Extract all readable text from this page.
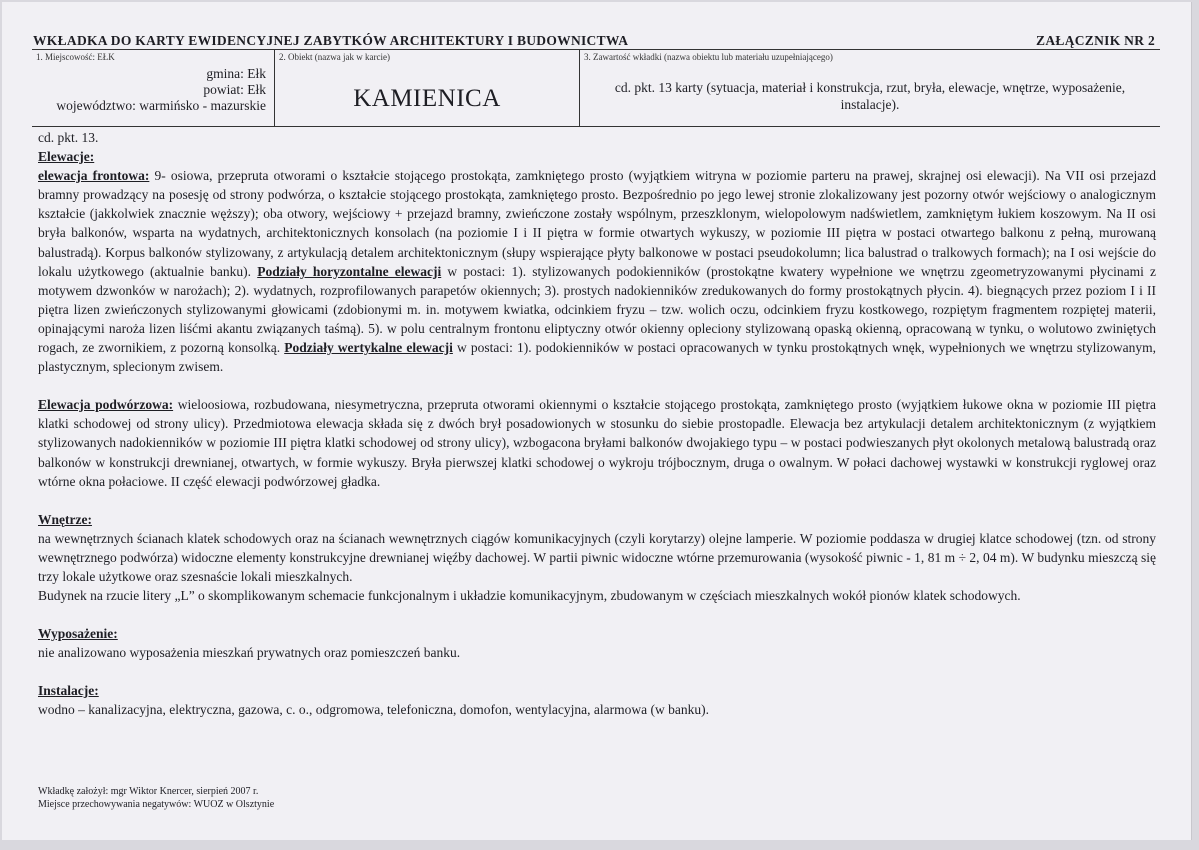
WKŁADKA DO KARTY EWIDENCYJNEJ ZABYTKÓW ARCHITEKTURY I BUDOWNICTWA	ZAŁĄCZNIK NR 2
1. Miejscowość: EŁK
gmina: Ełk
powiat: Ełk
województwo: warmińsko - mazurskie
2. Obiekt (nazwa jak w karcie)
KAMIENICA
3. Zawartość wkładki (nazwa obiektu lub materiału uzupełniającego)
cd. pkt. 13 karty (sytuacja, materiał i konstrukcja, rzut, bryła, elewacje, wnętrze, wyposażenie, instalacje).

cd. pkt. 13.

Elewacje:

elewacja frontowa: 9- osiowa, przepruta otworami o kształcie stojącego prostokąta, zamkniętego prosto (wyjątkiem witryna w poziomie parteru na prawej, skrajnej osi elewacji). Na VII osi przejazd bramny prowadzący na posesję od strony podwórza, o kształcie stojącego prostokąta, zamkniętego prosto. Bezpośrednio po jego lewej stronie zlokalizowany jest pozorny otwór wejściowy o analogicznym kształcie (jakkolwiek znacznie węższy); oba otwory, wejściowy + przejazd bramny, zwieńczone zostały wspólnym, przeszklonym, wielopolowym nadświetlem, zamkniętym łukiem koszowym. Na II osi bryła balkonów, wsparta na wydatnych, architektonicznych konsolach (na poziomie I i II piętra w formie otwartych wykuszy, w poziomie III piętra w postaci otwartego balkonu z pełną, murowaną balustradą). Korpus balkonów stylizowany, z artykulacją detalem architektonicznym (słupy wspierające płyty balkonowe w postaci pseudokolumn; lica balustrad o tralkowych formach); na I osi wejście do lokalu użytkowego (aktualnie banku). Podziały horyzontalne elewacji w postaci: 1). stylizowanych podokienników (prostokątne kwatery wypełnione we wnętrzu zgeometryzowanymi płycinami z motywem dzwonków w narożach); 2). wydatnych, rozprofilowanych parapetów okiennych; 3). prostych nadokienników zredukowanych do formy prostokątnych płycin. 4). biegnących przez poziom I i II piętra lizen zwieńczonych stylizowanymi głowicami (zdobionymi m. in. motywem kwiatka, odcinkiem fryzu – tzw. wolich oczu, odcinkiem fryzu kostkowego, rozpiętym fragmentem rozpiętej materii, opinającymi naroża lizen liśćmi akantu związanych taśmą). 5). w polu centralnym frontonu eliptyczny otwór okienny opleciony stylizowaną opaską okienną, opracowaną w tynku, o wolutowo zwiniętych rogach, ze zwornikiem, z pozorną konsolką. Podziały wertykalne elewacji w postaci: 1). podokienników w postaci opracowanych w tynku prostokątnych wnęk, wypełnionych we wnętrzu stylizowanym, plastycznym, splecionym zwisem.

Elewacja podwórzowa: wieloosiowa, rozbudowana, niesymetryczna, przepruta otworami okiennymi o kształcie stojącego prostokąta, zamkniętego prosto (wyjątkiem łukowe okna w poziomie III piętra klatki schodowej od strony ulicy). Przedmiotowa elewacja składa się z dwóch brył posadowionych w stosunku do siebie prostopadle. Elewacja bez artykulacji detalem architektonicznym (z wyjątkiem stylizowanych nadokienników w poziomie III piętra klatki schodowej od strony ulicy), wzbogacona bryłami balkonów dwojakiego typu – w postaci podwieszanych płyt okolonych metalową balustradą oraz balkonów w konstrukcji drewnianej, otwartych, w formie wykuszy. Bryła pierwszej klatki schodowej o wykroju trójbocznym, druga o owalnym. W połaci dachowej wystawki w konstrukcji ryglowej oraz wtórne okna połaciowe. II część elewacji podwórzowej gładka.

Wnętrze:

na wewnętrznych ścianach klatek schodowych oraz na ścianach wewnętrznych ciągów komunikacyjnych (czyli korytarzy) olejne lamperie. W poziomie poddasza w drugiej klatce schodowej (tzn. od strony wewnętrznego podwórza) widoczne elementy konstrukcyjne drewnianej więźby dachowej. W partii piwnic widoczne wtórne przemurowania (wysokość piwnic - 1, 81 m ÷ 2, 04 m). W budynku mieszczą się trzy lokale użytkowe oraz szesnaście lokali mieszkalnych.

Budynek na rzucie litery „L” o skomplikowanym schemacie funkcjonalnym i układzie komunikacyjnym, zbudowanym w częściach mieszkalnych wokół pionów klatek schodowych.

Wyposażenie:

nie analizowano wyposażenia mieszkań prywatnych oraz pomieszczeń banku.

Instalacje:

wodno – kanalizacyjna, elektryczna, gazowa, c. o., odgromowa, telefoniczna, domofon, wentylacyjna, alarmowa (w banku).

Wkładkę założył: mgr Wiktor Knercer, sierpień 2007 r.
Miejsce przechowywania negatywów: WUOZ w Olsztynie
